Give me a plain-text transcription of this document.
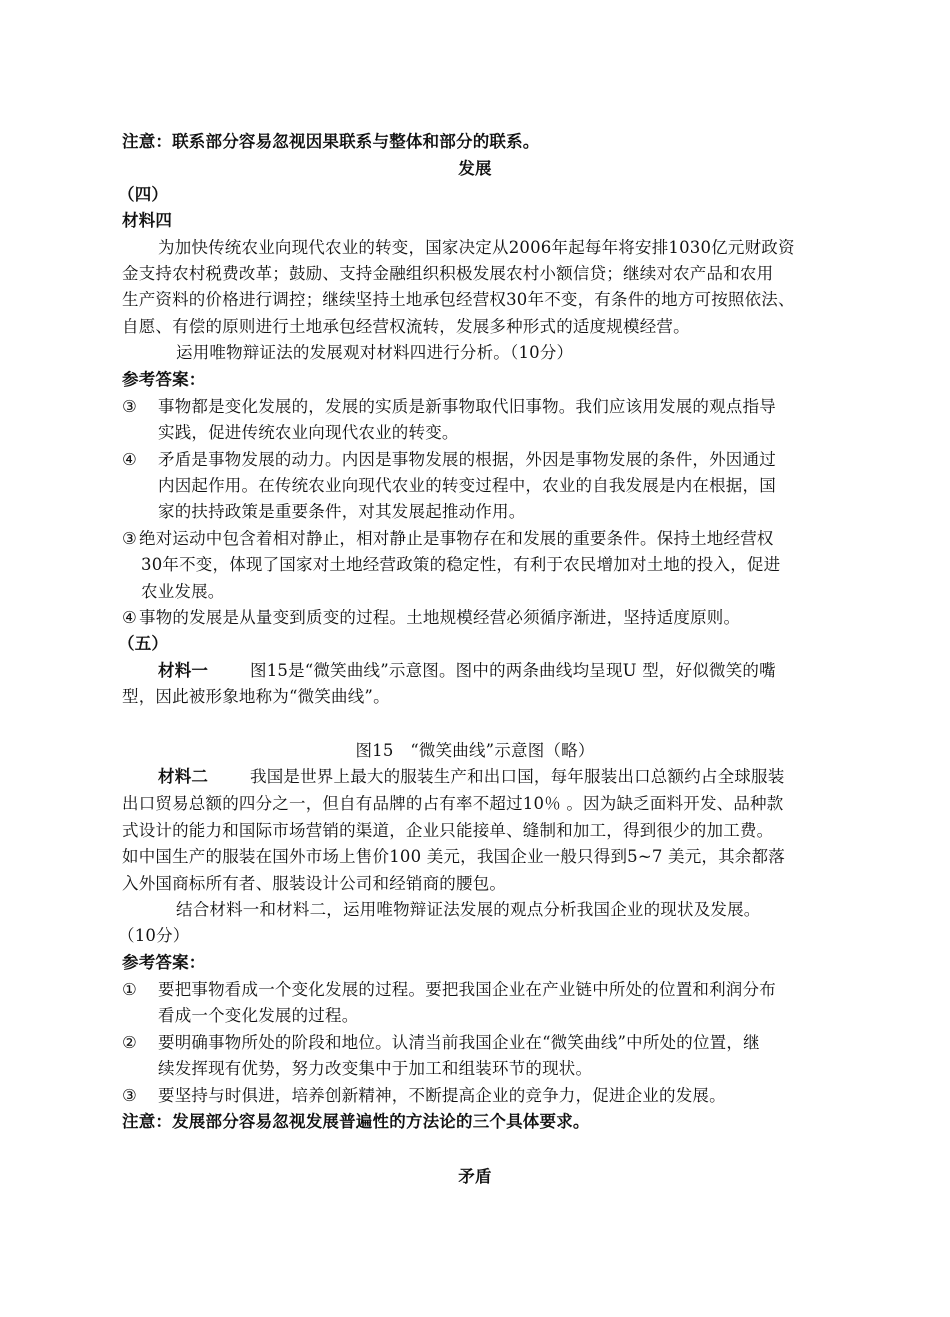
注意：联系部分容易忽视因果联系与整体和部分的联系。
发展
（四）
材料四
为加快传统农业向现代农业的转变，国家决定从2006年起每年将安排1030亿元财政资
金支持农村税费改革；鼓励、支持金融组织积极发展农村小额信贷；继续对农产品和农用
生产资料的价格进行调控；继续坚持土地承包经营权30年不变，有条件的地方可按照依法、
自愿、有偿的原则进行土地承包经营权流转，发展多种形式的适度规模经营。
运用唯物辩证法的发展观对材料四进行分析。（10分）
参考答案：
③ 事物都是变化发展的，发展的实质是新事物取代旧事物。我们应该用发展的观点指导
实践，促进传统农业向现代农业的转变。
④ 矛盾是事物发展的动力。内因是事物发展的根据，外因是事物发展的条件，外因通过
内因起作用。在传统农业向现代农业的转变过程中，农业的自我发展是内在根据，国
家的扶持政策是重要条件，对其发展起推动作用。
③ 绝对运动中包含着相对静止，相对静止是事物存在和发展的重要条件。保持土地经营权
30年不变，体现了国家对土地经营政策的稳定性，有利于农民增加对土地的投入，促进
农业发展。
④ 事物的发展是从量变到质变的过程。土地规模经营必须循序渐进，坚持适度原则。
（五）
材料一	图15是“微笑曲线”示意图。图中的两条曲线均呈现U 型，好似微笑的嘴
型，因此被形象地称为“微笑曲线”。
图15　“微笑曲线”示意图（略）
材料二	我国是世界上最大的服装生产和出口国，每年服装出口总额约占全球服装
出口贸易总额的四分之一，但自有品牌的占有率不超过10％ 。因为缺乏面料开发、品种款
式设计的能力和国际市场营销的渠道，企业只能接单、缝制和加工，得到很少的加工费。
如中国生产的服装在国外市场上售价100 美元，我国企业一般只得到5~7 美元，其余都落
入外国商标所有者、服装设计公司和经销商的腰包。
结合材料一和材料二，运用唯物辩证法发展的观点分析我国企业的现状及发展。
（10分）
参考答案：
① 要把事物看成一个变化发展的过程。要把我国企业在产业链中所处的位置和利润分布
看成一个变化发展的过程。
② 要明确事物所处的阶段和地位。认清当前我国企业在“微笑曲线”中所处的位置，继
续发挥现有优势，努力改变集中于加工和组装环节的现状。
③ 要坚持与时俱进，培养创新精神，不断提高企业的竞争力，促进企业的发展。
注意：发展部分容易忽视发展普遍性的方法论的三个具体要求。
矛盾
